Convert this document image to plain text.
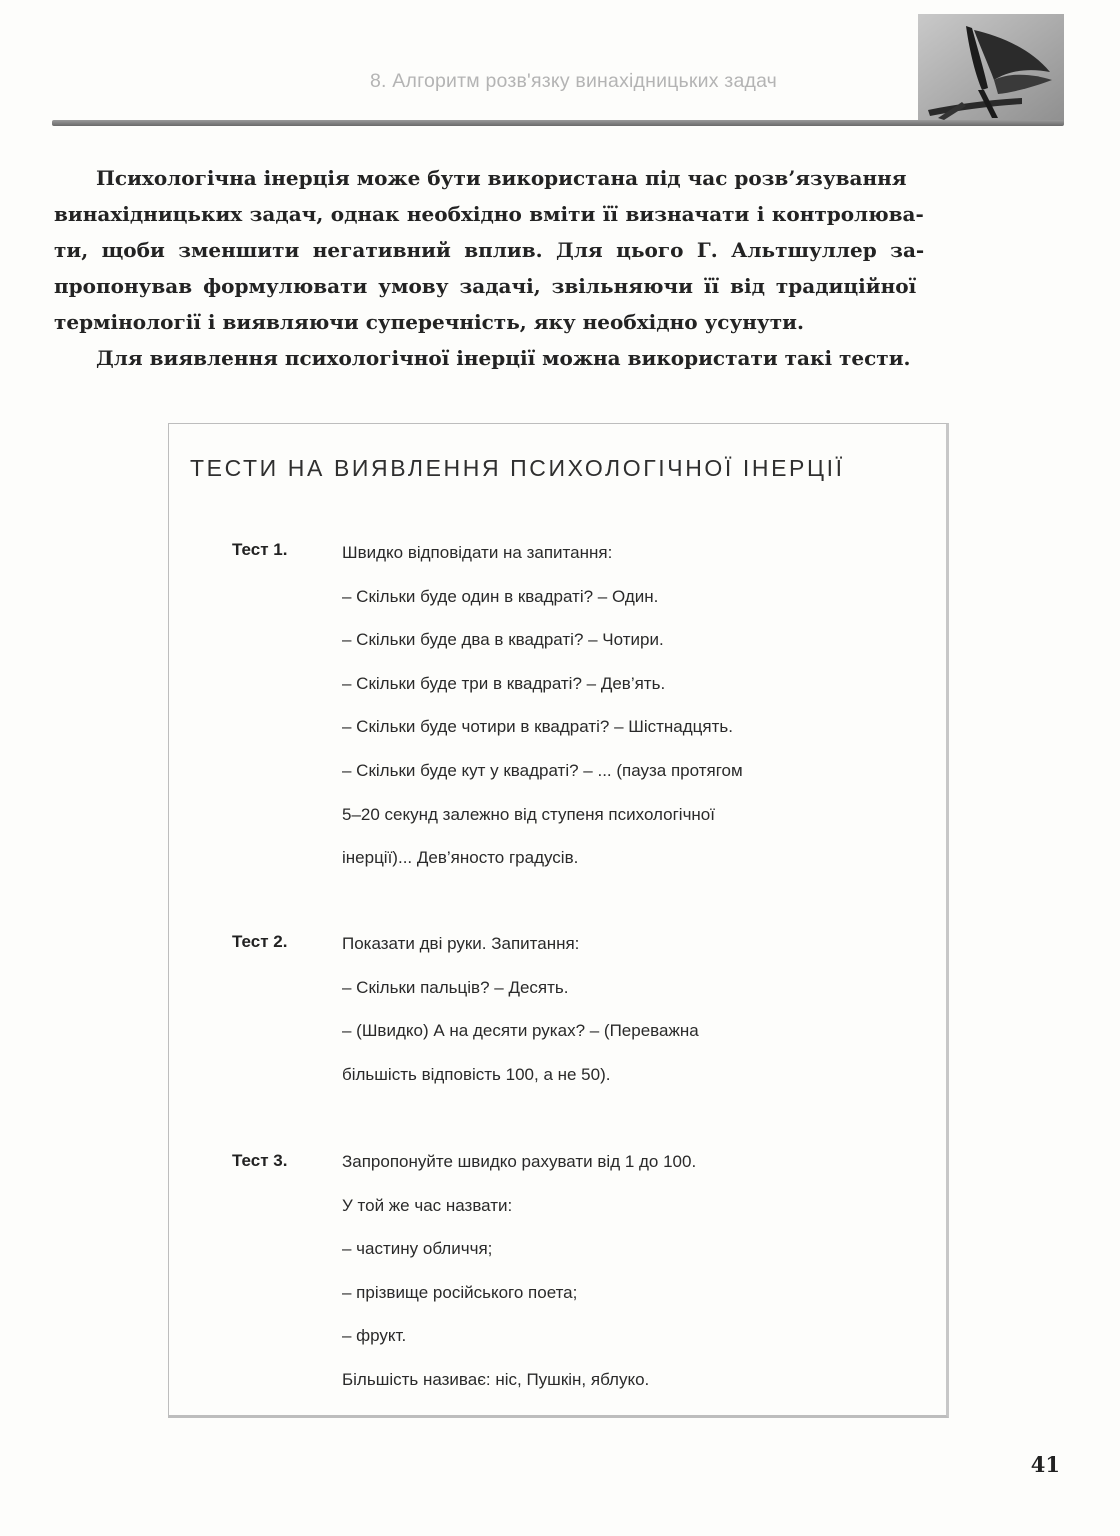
8. Алгоритм розв'язку винахідницьких задач
Психологічна інерція може бути використана під час розв’язування
винахідницьких задач, однак необхідно вміти її визначати і контролюва-
ти, щоби зменшити негативний вплив. Для цього Г. Альтшуллер за-
пропонував формулювати умову задачі, звільняючи її від традиційної
термінології і виявляючи суперечність, яку необхідно усунути.
Для виявлення психологічної інерції можна використати такі тести.
ТЕСТИ НА ВИЯВЛЕННЯ ПСИХОЛОГІЧНОЇ ІНЕРЦІЇ
Тест 1.	Швидко відповідати на запитання:
– Скільки буде один в квадраті? – Один.
– Скільки буде два в квадраті? – Чотири.
– Скільки буде три в квадраті? – Дев’ять.
– Скільки буде чотири в квадраті? – Шістнадцять.
– Скільки буде кут у квадраті? – ... (пауза протягом
5–20 секунд залежно від ступеня психологічної
інерції)... Дев’яносто градусів.
Тест 2.	Показати дві руки. Запитання:
– Скільки пальців? – Десять.
– (Швидко) А на десяти руках? – (Переважна
більшість відповість 100, а не 50).
Тест 3.	Запропонуйте швидко рахувати від 1 до 100.
У той же час назвати:
– частину обличчя;
– прізвище російського поета;
– фрукт.
Більшість називає: ніс, Пушкін, яблуко.
41
